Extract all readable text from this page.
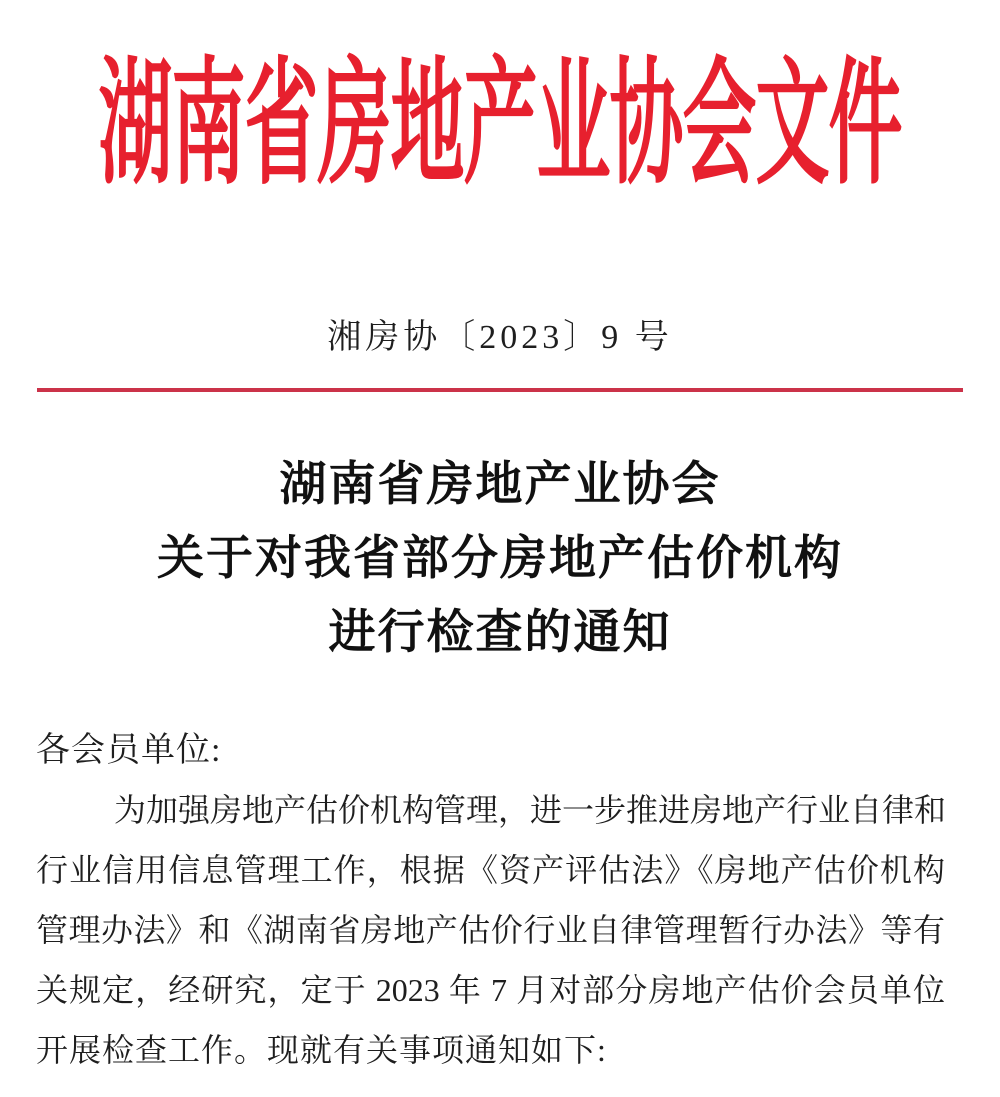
湖南省房地产业协会文件
湘房协〔2023〕9 号
湖南省房地产业协会
关于对我省部分房地产估价机构
进行检查的通知
各会员单位:
为加强房地产估价机构管理，进一步推进房地产行业自律和
行业信用信息管理工作，根据《资产评估法》《房地产估价机构
管理办法》和《湖南省房地产估价行业自律管理暂行办法》等有
关规定，经研究，定于 2023 年 7 月对部分房地产估价会员单位
开展检查工作。现就有关事项通知如下:
